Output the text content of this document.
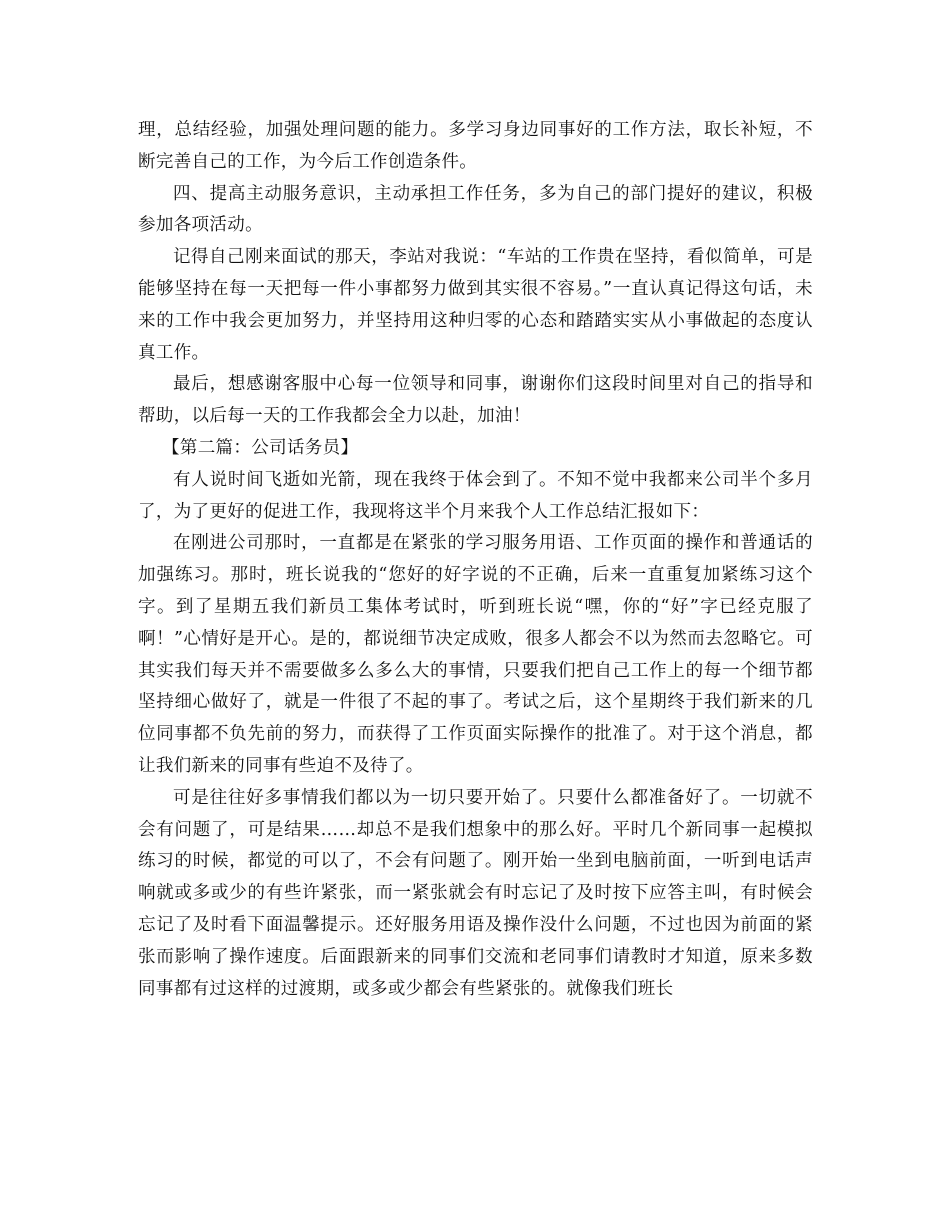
理，总结经验，加强处理问题的能力。多学习身边同事好的工作方法，取长补短，不断完善自己的工作，为今后工作创造条件。

四、提高主动服务意识，主动承担工作任务，多为自己的部门提好的建议，积极参加各项活动。

记得自己刚来面试的那天，李站对我说：“车站的工作贵在坚持，看似简单，可是能够坚持在每一天把每一件小事都努力做到其实很不容易。”一直认真记得这句话，未来的工作中我会更加努力，并坚持用这种归零的心态和踏踏实实从小事做起的态度认真工作。

最后，想感谢客服中心每一位领导和同事，谢谢你们这段时间里对自己的指导和帮助，以后每一天的工作我都会全力以赴，加油！

【第二篇：公司话务员】

有人说时间飞逝如光箭，现在我终于体会到了。不知不觉中我都来公司半个多月了，为了更好的促进工作，我现将这半个月来我个人工作总结汇报如下：

在刚进公司那时，一直都是在紧张的学习服务用语、工作页面的操作和普通话的加强练习。那时，班长说我的“您好的好字说的不正确，后来一直重复加紧练习这个字。到了星期五我们新员工集体考试时，听到班长说“嘿，你的“好”字已经克服了啊！”心情好是开心。是的，都说细节决定成败，很多人都会不以为然而去忽略它。可其实我们每天并不需要做多么多么大的事情，只要我们把自己工作上的每一个细节都坚持细心做好了，就是一件很了不起的事了。考试之后，这个星期终于我们新来的几位同事都不负先前的努力，而获得了工作页面实际操作的批准了。对于这个消息，都让我们新来的同事有些迫不及待了。

可是往往好多事情我们都以为一切只要开始了。只要什么都准备好了。一切就不会有问题了，可是结果……却总不是我们想象中的那么好。平时几个新同事一起模拟练习的时候，都觉的可以了，不会有问题了。刚开始一坐到电脑前面，一听到电话声响就或多或少的有些许紧张，而一紧张就会有时忘记了及时按下应答主叫，有时候会忘记了及时看下面温馨提示。还好服务用语及操作没什么问题，不过也因为前面的紧张而影响了操作速度。后面跟新来的同事们交流和老同事们请教时才知道，原来多数同事都有过这样的过渡期，或多或少都会有些紧张的。就像我们班长
